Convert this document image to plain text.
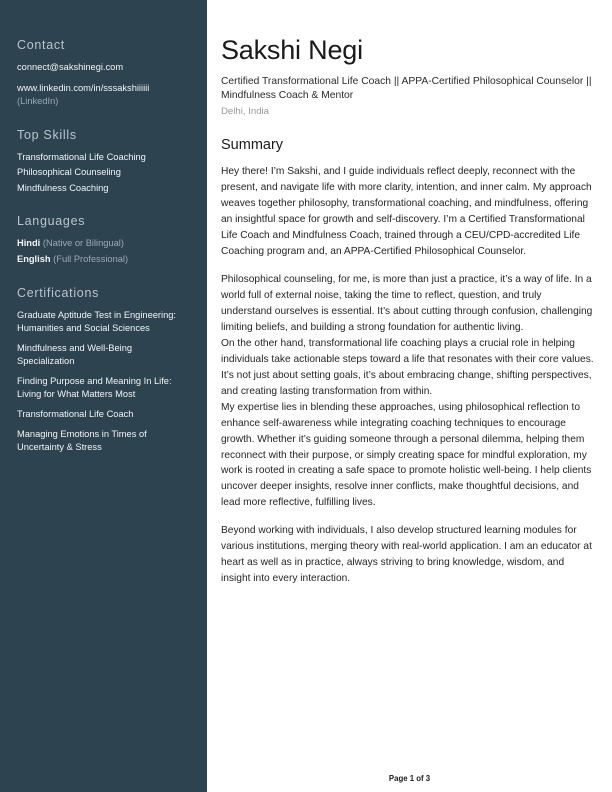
Contact
connect@sakshinegi.com
www.linkedin.com/in/sssakshiiiiii
(LinkedIn)
Top Skills
Transformational Life Coaching
Philosophical Counseling
Mindfulness Coaching
Languages
Hindi (Native or Bilingual)
English (Full Professional)
Certifications
Graduate Aptitude Test in Engineering: Humanities and Social Sciences
Mindfulness and Well-Being Specialization
Finding Purpose and Meaning In Life: Living for What Matters Most
Transformational Life Coach
Managing Emotions in Times of Uncertainty & Stress
Sakshi Negi
Certified Transformational Life Coach || APPA-Certified Philosophical Counselor || Mindfulness Coach & Mentor
Delhi, India
Summary

Hey there! I’m Sakshi, and I guide individuals reflect deeply, reconnect with the present, and navigate life with more clarity, intention, and inner calm. My approach weaves together philosophy, transformational coaching, and mindfulness, offering an insightful space for growth and self-discovery. I’m a Certified Transformational Life Coach and Mindfulness Coach, trained through a CEU/CPD-accredited Life Coaching program and, an APPA-Certified Philosophical Counselor.

Philosophical counseling, for me, is more than just a practice, it’s a way of life. In a world full of external noise, taking the time to reflect, question, and truly understand ourselves is essential. It’s about cutting through confusion, challenging limiting beliefs, and building a strong foundation for authentic living.

On the other hand, transformational life coaching plays a crucial role in helping individuals take actionable steps toward a life that resonates with their core values. It’s not just about setting goals, it’s about embracing change, shifting perspectives, and creating lasting transformation from within.

My expertise lies in blending these approaches, using philosophical reflection to enhance self-awareness while integrating coaching techniques to encourage growth. Whether it’s guiding someone through a personal dilemma, helping them reconnect with their purpose, or simply creating space for mindful exploration, my work is rooted in creating a safe space to promote holistic well-being. I help clients uncover deeper insights, resolve inner conflicts, make thoughtful decisions, and lead more reflective, fulfilling lives.

Beyond working with individuals, I also develop structured learning modules for various institutions, merging theory with real-world application. I am an educator at heart as well as in practice, always striving to bring knowledge, wisdom, and insight into every interaction.

Page 1 of 3
